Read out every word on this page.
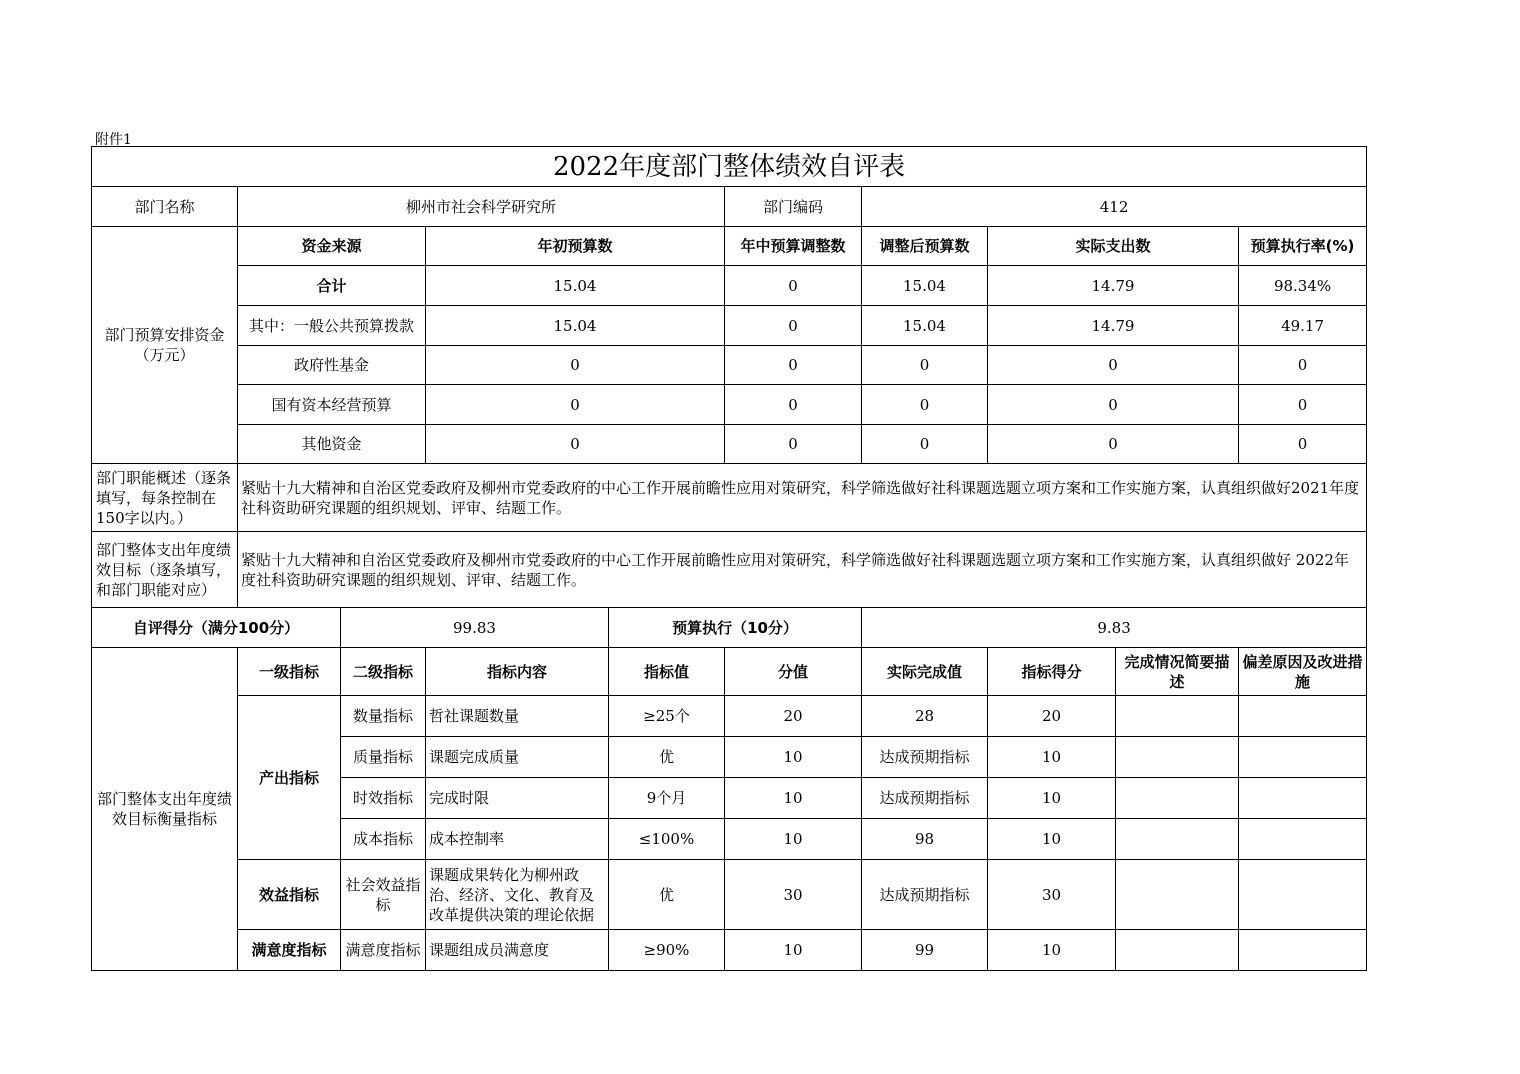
附件1
2022年度部门整体绩效自评表									
部门名称	柳州市社会科学研究所				部门编码	412			
部门预算安排资金（万元）	资金来源		年初预算数		年中预算调整数	调整后预算数	实际支出数		预算执行率(%)
	合计		15.04		0	15.04	14.79		98.34%
	其中：一般公共预算拨款		15.04		0	15.04	14.79		49.17
	政府性基金		0		0	0	0		0
	国有资本经营预算		0		0	0	0		0
	其他资金		0		0	0	0		0

部门职能概述（逐条填写，每条控制在150字以内。）	紧贴十九大精神和自治区党委政府及柳州市党委政府的中心工作开展前瞻性应用对策研究，科学筛选做好社科课题选题立项方案和工作实施方案，认真组织做好2021年度社科资助研究课题的组织规划、评审、结题工作。								

部门整体支出年度绩效目标（逐条填写，和部门职能对应）	紧贴十九大精神和自治区党委政府及柳州市党委政府的中心工作开展前瞻性应用对策研究，科学筛选做好社科课题选题立项方案和工作实施方案，认真组织做好 2022年度社科资助研究课题的组织规划、评审、结题工作。								
自评得分（满分100分）		99.83		预算执行（10分）		9.83			
部门整体支出年度绩效目标衡量指标	一级指标	二级指标	指标内容	指标值	分值	实际完成值	指标得分	完成情况简要描述	偏差原因及改进措施
	产出指标	数量指标	哲社课题数量	≥25个	20	28	20		
		质量指标	课题完成质量	优	10	达成预期指标	10		
		时效指标	完成时限	9个月	10	达成预期指标	10		
		成本指标	成本控制率	≤100%	10	98	10		
	效益指标	社会效益指标	课题成果转化为柳州政治、经济、文化、教育及改革提供决策的理论依据	优	30	达成预期指标	30		
	满意度指标	满意度指标	课题组成员满意度	≥90%	10	99	10		
